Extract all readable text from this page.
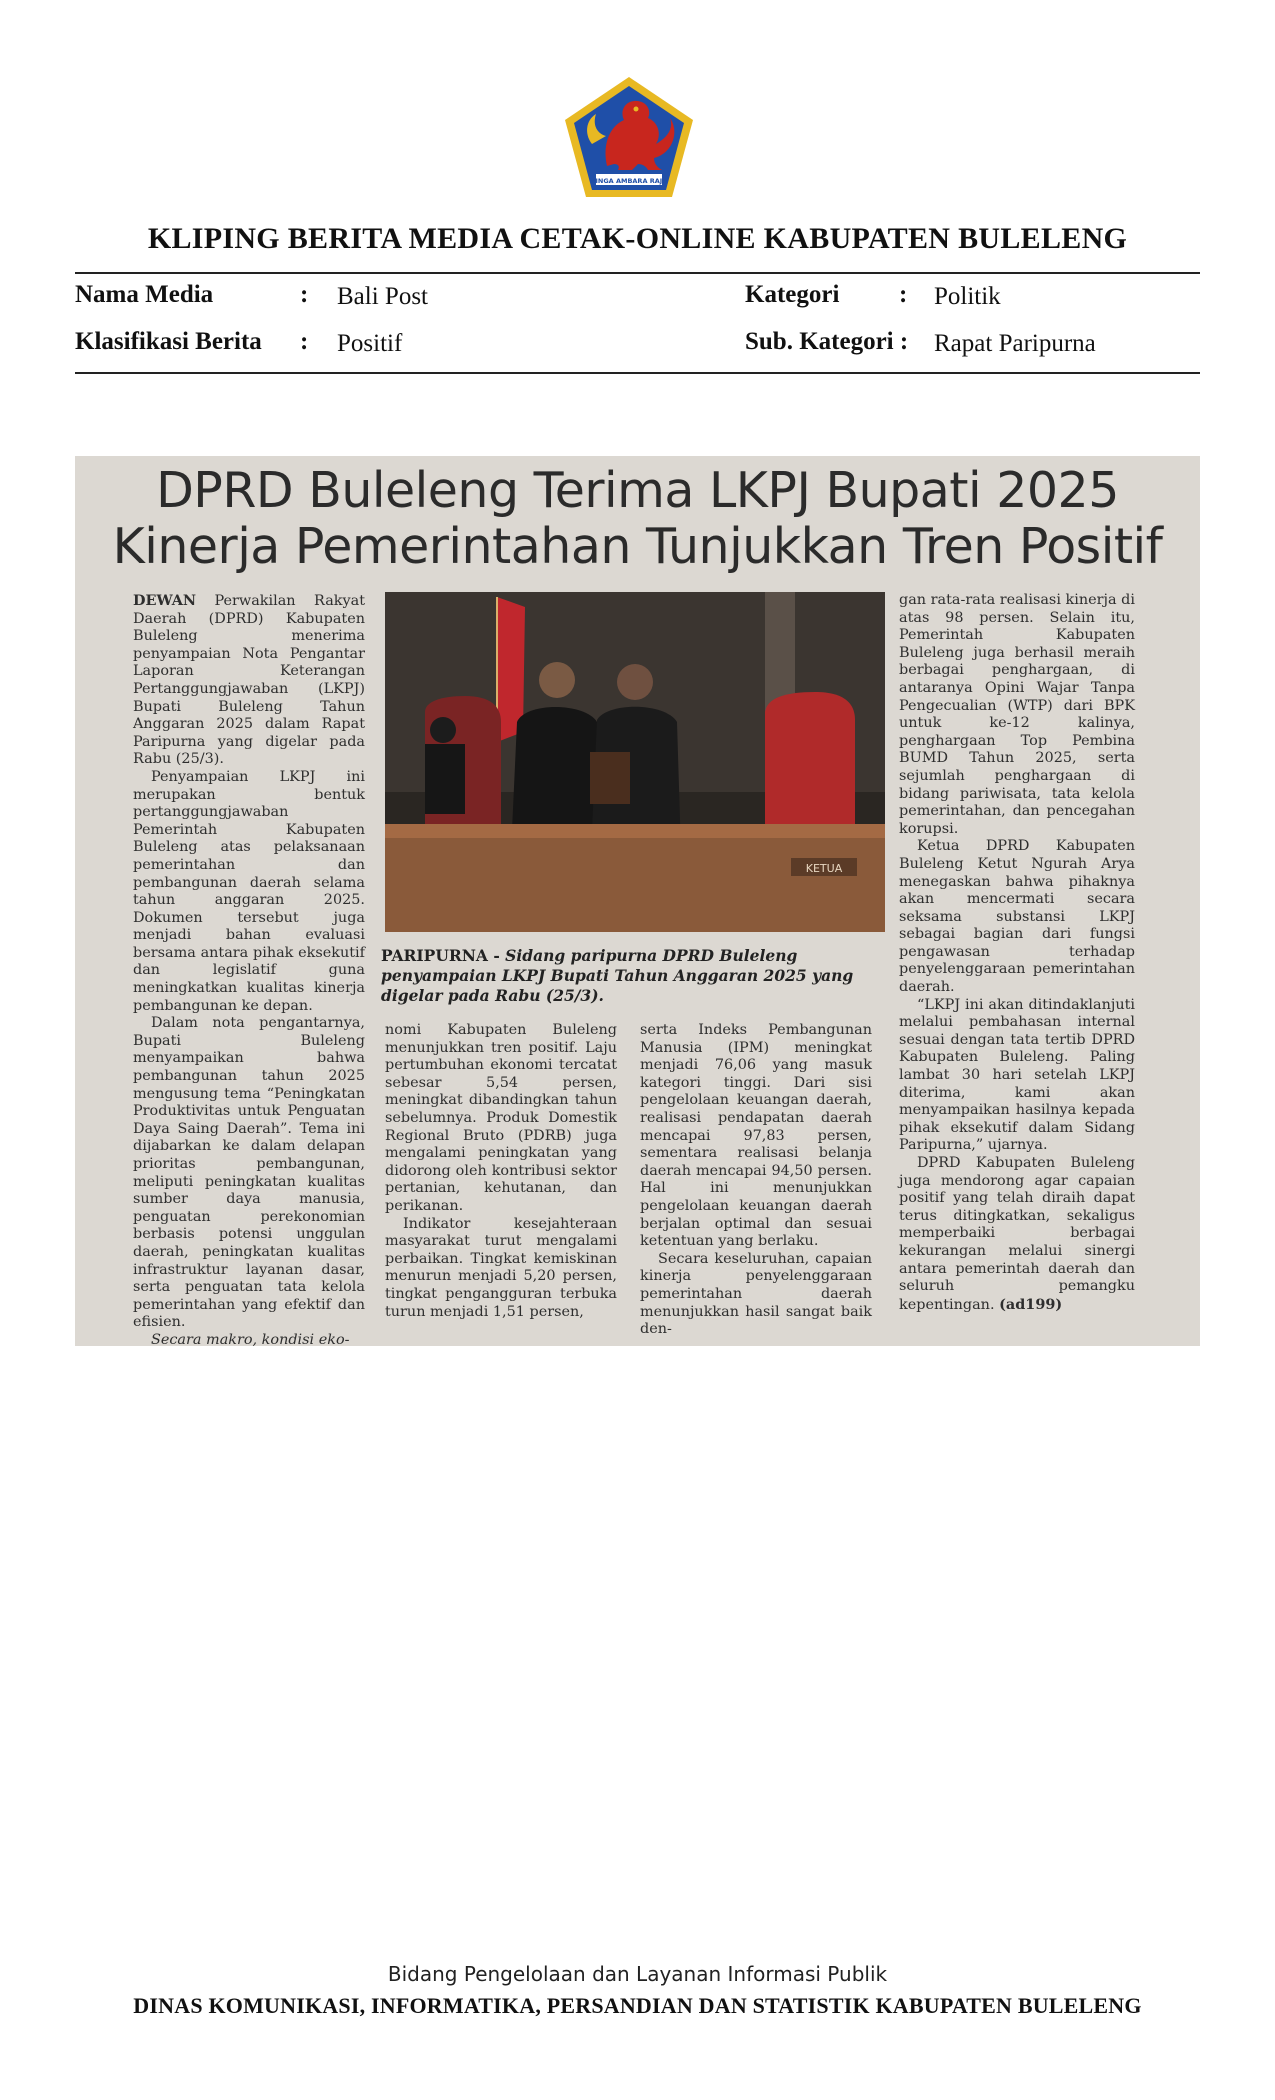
SINGA AMBARA RAJA
KLIPING BERITA MEDIA CETAK-ONLINE KABUPATEN BULELENG
Nama Media	: Bali Post	Kategori : Politik
Klasifikasi Berita : Positif	Sub. Kategori : Rapat Paripurna
DPRD Buleleng Terima LKPJ Bupati 2025
Kinerja Pemerintahan Tunjukkan Tren Positif

DEWAN Perwakilan Rakyat Daerah (DPRD) Kabupaten Buleleng menerima penyampaian Nota Pengantar Laporan Keterangan Pertanggungjawaban (LKPJ) Bupati Buleleng Tahun Anggaran 2025 dalam Rapat Paripurna yang digelar pada Rabu (25/3).

Penyampaian LKPJ ini merupakan bentuk pertanggungjawaban Pemerintah Kabupaten Buleleng atas pelaksanaan pemerintahan dan pembangunan daerah selama tahun anggaran 2025. Dokumen tersebut juga menjadi bahan evaluasi bersama antara pihak eksekutif dan legislatif guna meningkatkan kualitas kinerja pembangunan ke depan.

Dalam nota pengantarnya, Bupati Buleleng menyampaikan bahwa pembangunan tahun 2025 mengusung tema “Peningkatan Produktivitas untuk Penguatan Daya Saing Daerah”. Tema ini dijabarkan ke dalam delapan prioritas pembangunan, meliputi peningkatan kualitas sumber daya manusia, penguatan perekonomian berbasis potensi unggulan daerah, peningkatan kualitas infrastruktur layanan dasar, serta penguatan tata kelola pemerintahan yang efektif dan efisien.

Secara makro, kondisi eko-

KETUA
PARIPURNA - Sidang paripurna DPRD Buleleng penyampaian LKPJ Bupati Tahun Anggaran 2025 yang digelar pada Rabu (25/3).

nomi Kabupaten Buleleng menunjukkan tren positif. Laju pertumbuhan ekonomi tercatat sebesar 5,54 persen, meningkat dibandingkan tahun sebelumnya. Produk Domestik Regional Bruto (PDRB) juga mengalami peningkatan yang didorong oleh kontribusi sektor pertanian, kehutanan, dan perikanan.

Indikator kesejahteraan masyarakat turut mengalami perbaikan. Tingkat kemiskinan menurun menjadi 5,20 persen, tingkat pengangguran terbuka turun menjadi 1,51 persen,

serta Indeks Pembangunan Manusia (IPM) meningkat menjadi 76,06 yang masuk kategori tinggi. Dari sisi pengelolaan keuangan daerah, realisasi pendapatan daerah mencapai 97,83 persen, sementara realisasi belanja daerah mencapai 94,50 persen. Hal ini menunjukkan pengelolaan keuangan daerah berjalan optimal dan sesuai ketentuan yang berlaku.

Secara keseluruhan, capaian kinerja penyelenggaraan pemerintahan daerah menunjukkan hasil sangat baik den-

gan rata-rata realisasi kinerja di atas 98 persen. Selain itu, Pemerintah Kabupaten Buleleng juga berhasil meraih berbagai penghargaan, di antaranya Opini Wajar Tanpa Pengecualian (WTP) dari BPK untuk ke-12 kalinya, penghargaan Top Pembina BUMD Tahun 2025, serta sejumlah penghargaan di bidang pariwisata, tata kelola pemerintahan, dan pencegahan korupsi.

Ketua DPRD Kabupaten Buleleng Ketut Ngurah Arya menegaskan bahwa pihaknya akan mencermati secara seksama substansi LKPJ sebagai bagian dari fungsi pengawasan terhadap penyelenggaraan pemerintahan daerah.

“LKPJ ini akan ditindaklanjuti melalui pembahasan internal sesuai dengan tata tertib DPRD Kabupaten Buleleng. Paling lambat 30 hari setelah LKPJ diterima, kami akan menyampaikan hasilnya kepada pihak eksekutif dalam Sidang Paripurna,” ujarnya.

DPRD Kabupaten Buleleng juga mendorong agar capaian positif yang telah diraih dapat terus ditingkatkan, sekaligus memperbaiki berbagai kekurangan melalui sinergi antara pemerintah daerah dan seluruh pemangku kepentingan. (ad199)

Bidang Pengelolaan dan Layanan Informasi Publik
DINAS KOMUNIKASI, INFORMATIKA, PERSANDIAN DAN STATISTIK KABUPATEN BULELENG
